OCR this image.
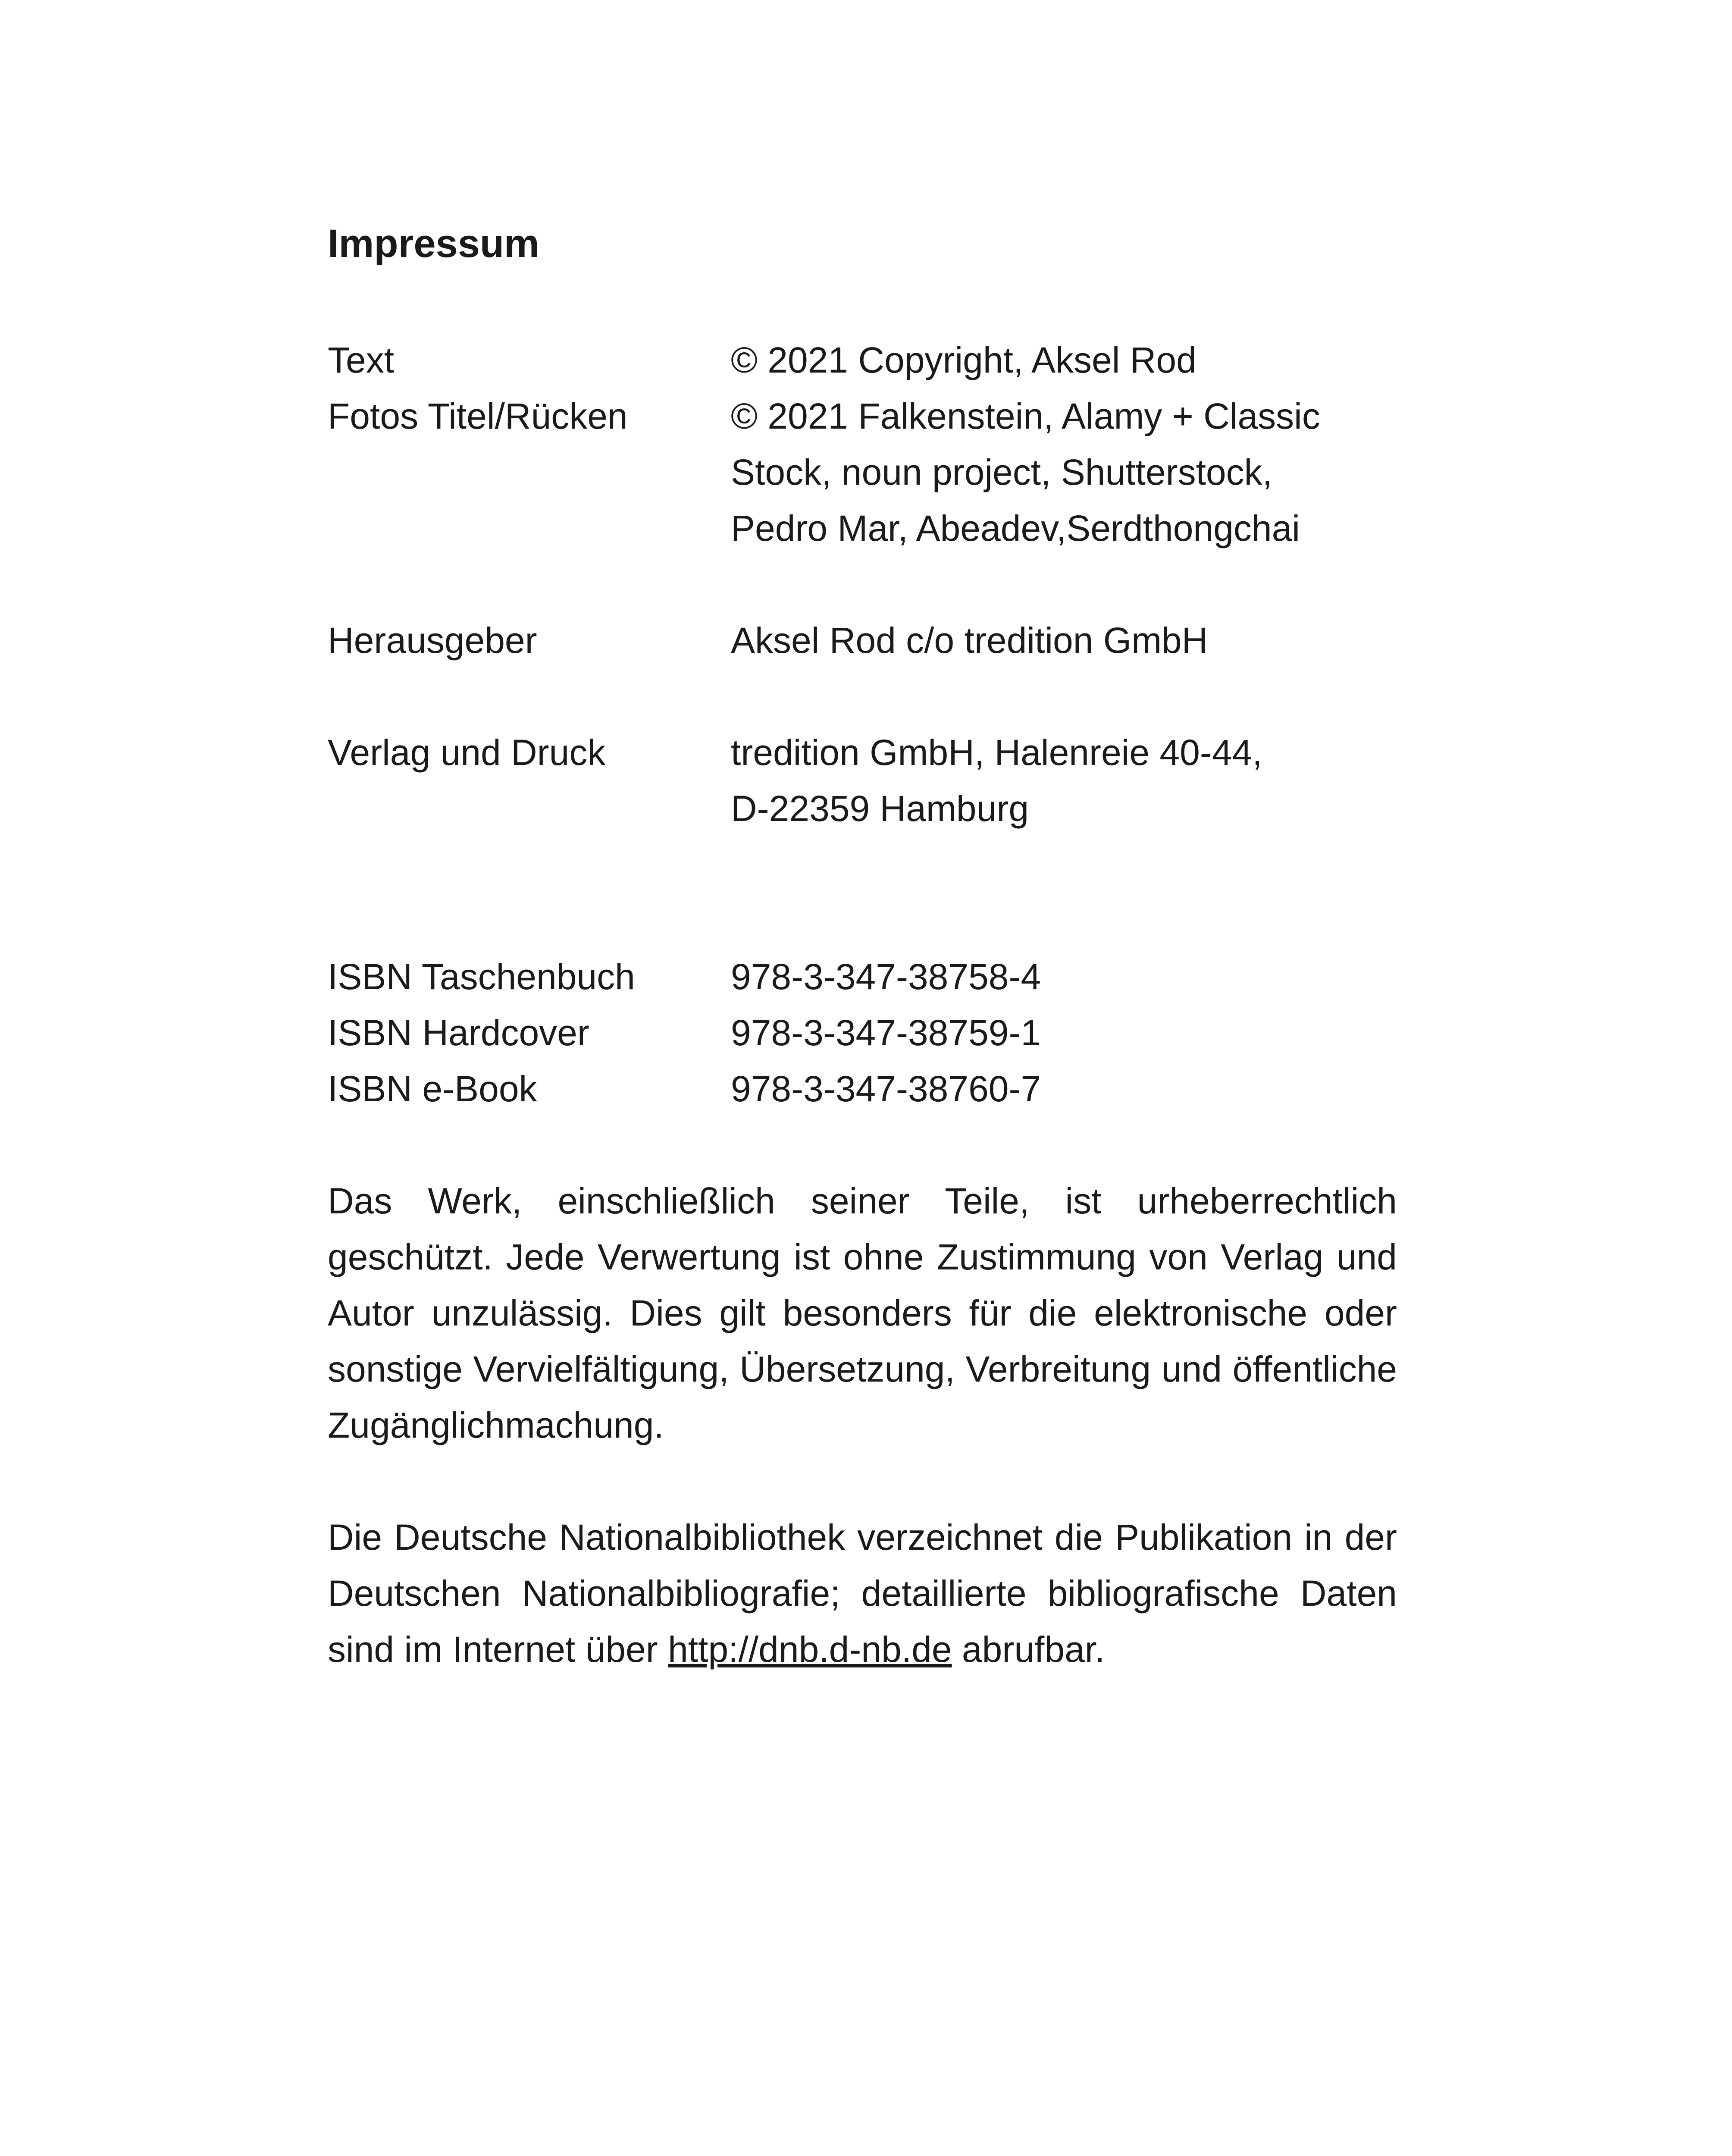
Impressum
Text	© 2021 Copyright, Aksel Rod
Fotos Titel/Rücken	© 2021 Falkenstein, Alamy + Classic
Stock, noun project, Shutterstock,
Pedro Mar, Abeadev,Serdthongchai
Herausgeber	Aksel Rod c/o tredition GmbH
Verlag und Druck	tredition GmbH, Halenreie 40-44,
D-22359 Hamburg
ISBN Taschenbuch	978-3-347-38758-4
ISBN Hardcover	978-3-347-38759-1
ISBN e-Book	978-3-347-38760-7
Das Werk, einschließlich seiner Teile, ist urheberrechtlich geschützt. Jede Verwertung ist ohne Zustimmung von Verlag und Autor unzulässig. Dies gilt besonders für die elektronische oder sonstige Vervielfältigung, Übersetzung, Verbreitung und öffentliche Zugänglichmachung.
Die Deutsche Nationalbibliothek verzeichnet die Publikation in der Deutschen Nationalbibliografie; detaillierte bibliografische Daten sind im Internet über http://dnb.d-nb.de abrufbar.
